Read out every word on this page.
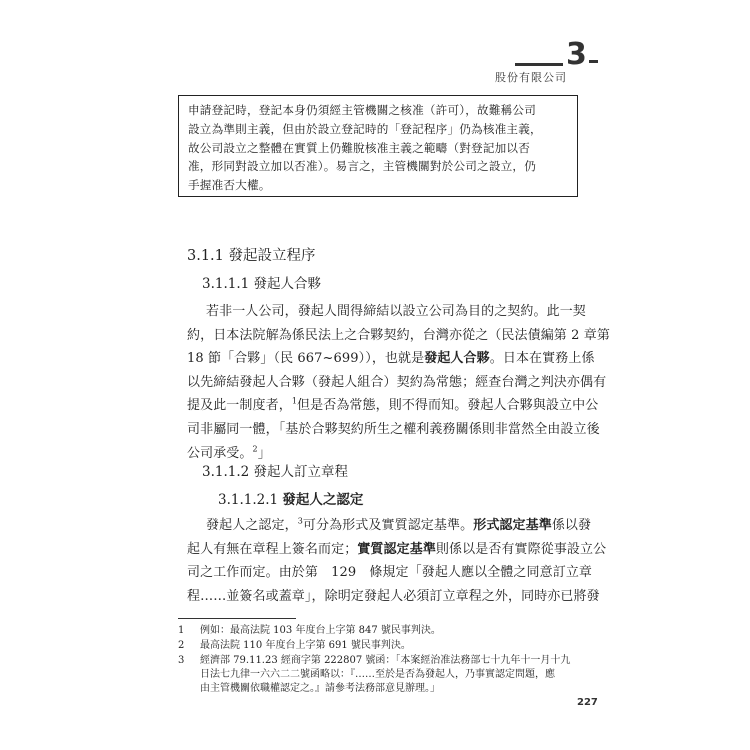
3
股份有限公司

申請登記時，登記本身仍須經主管機關之核准（許可），故難稱公司

設立為準則主義，但由於設立登記時的「登記程序」仍為核准主義，

故公司設立之整體在實質上仍難脫核准主義之範疇（對登記加以否

准，形同對設立加以否准）。易言之，主管機關對於公司之設立，仍

手握准否大權。

3.1.1 發起設立程序
3.1.1.1 發起人合夥
若非一人公司，發起人間得締結以設立公司為目的之契約。此一契
約，日本法院解為係民法上之合夥契約，台灣亦從之（民法債編第 2 章第
18 節「合夥」（民 667~699）），也就是發起人合夥。日本在實務上係
以先締結發起人合夥（發起人組合）契約為常態；經查台灣之判決亦偶有
提及此一制度者，$^1$但是否為常態，則不得而知。發起人合夥與設立中公
司非屬同一體，「基於合夥契約所生之權利義務關係則非當然全由設立後
公司承受。$^2$」
3.1.1.2 發起人訂立章程
3.1.1.2.1 發起人之認定
發起人之認定，$^3$可分為形式及實質認定基準。形式認定基準係以發
起人有無在章程上簽名而定；實質認定基準則係以是否有實際從事設立公
司之工作而定。由於第　129　條規定「發起人應以全體之同意訂立章
程……並簽名或蓋章」，除明定發起人必須訂立章程之外，同時亦已將發
1 例如：最高法院 103 年度台上字第 847 號民事判決。
2 最高法院 110 年度台上字第 691 號民事判決。
3	經濟部 79.11.23 經商字第 222807 號函：「本案經治准法務部七十九年十一月十九
日法七九律一六六二二號函略以：『……至於是否為發起人，乃事實認定問題，應
由主管機關依職權認定之。』請參考法務部意見辦理。」
227
